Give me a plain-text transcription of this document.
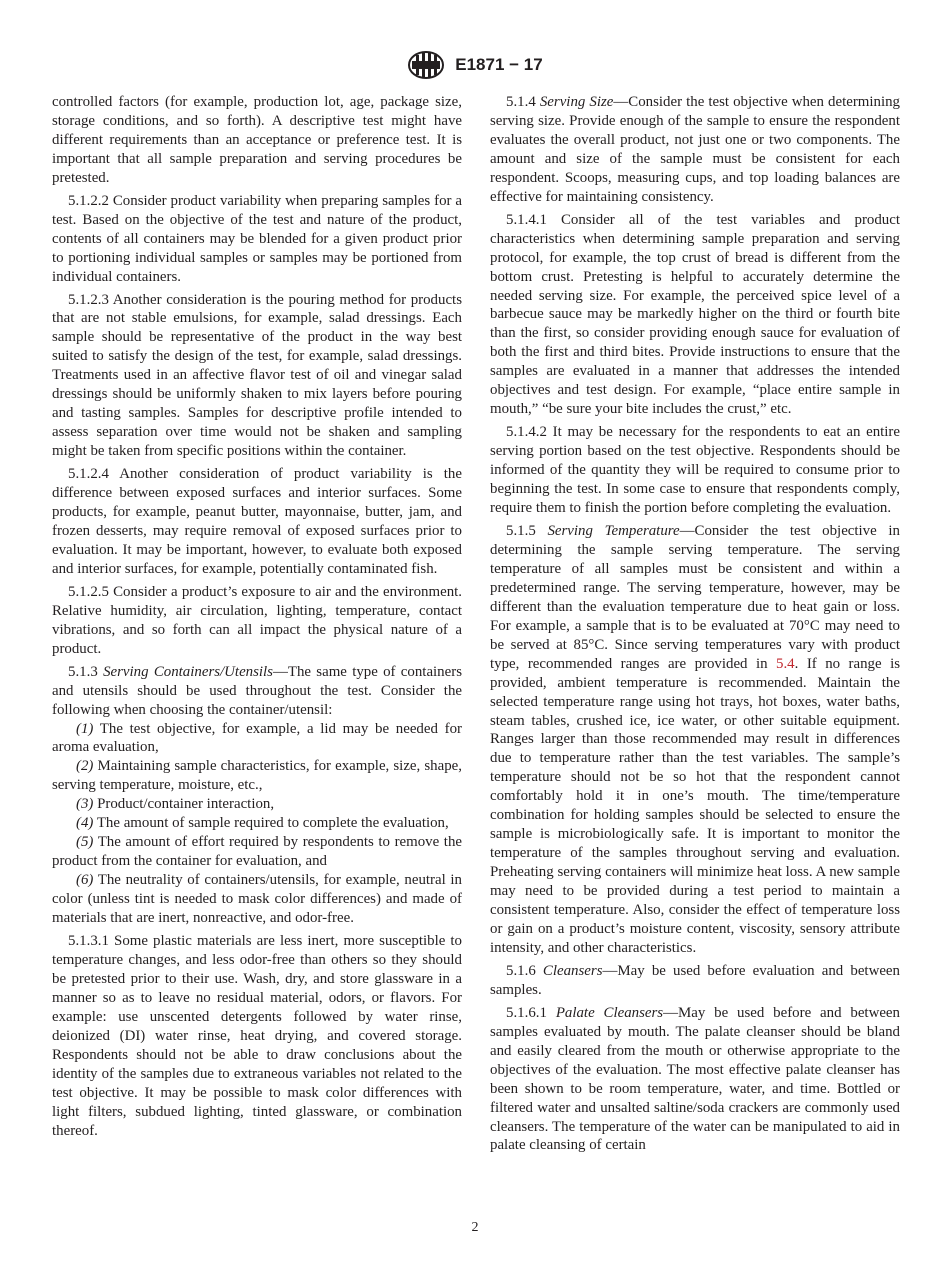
E1871 − 17

controlled factors (for example, production lot, age, package size, storage conditions, and so forth). A descriptive test might have different requirements than an acceptance or preference test. It is important that all sample preparation and serving procedures be pretested.

5.1.2.2 Consider product variability when preparing samples for a test. Based on the objective of the test and nature of the product, contents of all containers may be blended for a given product prior to portioning individual samples or samples may be portioned from individual containers.

5.1.2.3 Another consideration is the pouring method for products that are not stable emulsions, for example, salad dressings. Each sample should be representative of the product in the way best suited to satisfy the design of the test, for example, salad dressings. Treatments used in an affective flavor test of oil and vinegar salad dressings should be uniformly shaken to mix layers before pouring and tasting samples. Samples for descriptive profile intended to assess separation over time would not be shaken and sampling might be taken from specific positions within the container.

5.1.2.4 Another consideration of product variability is the difference between exposed surfaces and interior surfaces. Some products, for example, peanut butter, mayonnaise, butter, jam, and frozen desserts, may require removal of exposed surfaces prior to evaluation. It may be important, however, to evaluate both exposed and interior surfaces, for example, potentially contaminated fish.

5.1.2.5 Consider a product’s exposure to air and the environment. Relative humidity, air circulation, lighting, temperature, contact vibrations, and so forth can all impact the physical nature of a product.

5.1.3 Serving Containers/Utensils—The same type of containers and utensils should be used throughout the test. Consider the following when choosing the container/utensil:

(1) The test objective, for example, a lid may be needed for aroma evaluation,

(2) Maintaining sample characteristics, for example, size, shape, serving temperature, moisture, etc.,

(3) Product/container interaction,

(4) The amount of sample required to complete the evaluation,

(5) The amount of effort required by respondents to remove the product from the container for evaluation, and

(6) The neutrality of containers/utensils, for example, neutral in color (unless tint is needed to mask color differences) and made of materials that are inert, nonreactive, and odor-free.

5.1.3.1 Some plastic materials are less inert, more susceptible to temperature changes, and less odor-free than others so they should be pretested prior to their use. Wash, dry, and store glassware in a manner so as to leave no residual material, odors, or flavors. For example: use unscented detergents followed by water rinse, deionized (DI) water rinse, heat drying, and covered storage. Respondents should not be able to draw conclusions about the identity of the samples due to extraneous variables not related to the test objective. It may be possible to mask color differences with light filters, subdued lighting, tinted glassware, or combination thereof.

5.1.4 Serving Size—Consider the test objective when determining serving size. Provide enough of the sample to ensure the respondent evaluates the overall product, not just one or two components. The amount and size of the sample must be consistent for each respondent. Scoops, measuring cups, and top loading balances are effective for maintaining consistency.

5.1.4.1 Consider all of the test variables and product characteristics when determining sample preparation and serving protocol, for example, the top crust of bread is different from the bottom crust. Pretesting is helpful to accurately determine the needed serving size. For example, the perceived spice level of a barbecue sauce may be markedly higher on the third or fourth bite than the first, so consider providing enough sauce for evaluation of both the first and third bites. Provide instructions to ensure that the samples are evaluated in a manner that addresses the intended objectives and test design. For example, “place entire sample in mouth,” “be sure your bite includes the crust,” etc.

5.1.4.2 It may be necessary for the respondents to eat an entire serving portion based on the test objective. Respondents should be informed of the quantity they will be required to consume prior to beginning the test. In some case to ensure that respondents comply, require them to finish the portion before completing the evaluation.

5.1.5 Serving Temperature—Consider the test objective in determining the sample serving temperature. The serving temperature of all samples must be consistent and within a predetermined range. The serving temperature, however, may be different than the evaluation temperature due to heat gain or loss. For example, a sample that is to be evaluated at 70°C may need to be served at 85°C. Since serving temperatures vary with product type, recommended ranges are provided in 5.4. If no range is provided, ambient temperature is recommended. Maintain the selected temperature range using hot trays, hot boxes, water baths, steam tables, crushed ice, ice water, or other suitable equipment. Ranges larger than those recommended may result in differences due to temperature rather than the test variables. The sample’s temperature should not be so hot that the respondent cannot comfortably hold it in one’s mouth. The time/temperature combination for holding samples should be selected to ensure the sample is microbiologically safe. It is important to monitor the temperature of the samples throughout serving and evaluation. Preheating serving containers will minimize heat loss. A new sample may need to be provided during a test period to maintain a consistent temperature. Also, consider the effect of temperature loss or gain on a product’s moisture content, viscosity, sensory attribute intensity, and other characteristics.

5.1.6 Cleansers—May be used before evaluation and between samples.

5.1.6.1 Palate Cleansers—May be used before and between samples evaluated by mouth. The palate cleanser should be bland and easily cleared from the mouth or otherwise appropriate to the objectives of the evaluation. The most effective palate cleanser has been shown to be room temperature, water, and time. Bottled or filtered water and unsalted saltine/soda crackers are commonly used cleansers. The temperature of the water can be manipulated to aid in palate cleansing of certain

2
